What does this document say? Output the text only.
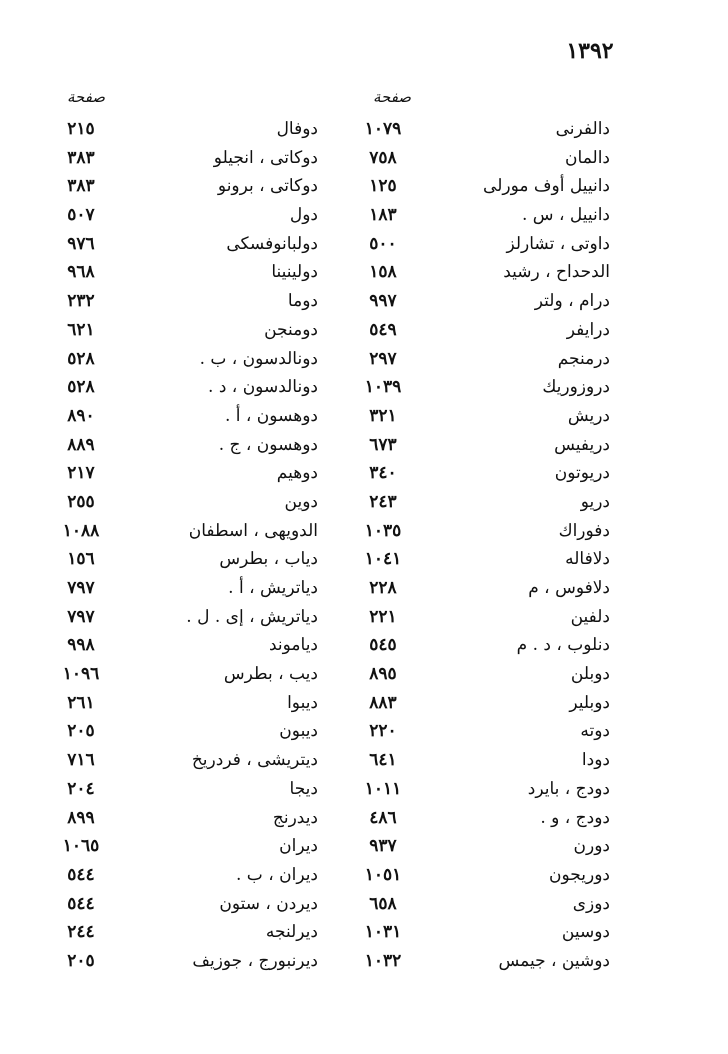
١٣٩٢
صفحة
صفحة
دالفرنى
١٠٧٩
دوفال
٢١٥
دالمان
٧٥٨
دوكاتى ، انجيلو
٣٨٣
دانييل أوف مورلى
١٢٥
دوكاتى ، برونو
٣٨٣
دانييل ، س .
١٨٣
دول
٥٠٧
داوتى ، تشارلز
٥٠٠
دولبانوفسكى
٩٧٦
الدحداح ، رشيد
١٥٨
دولينينا
٩٦٨
درام ، ولتر
٩٩٧
دوما
٢٣٢
درايفر
٥٤٩
دومنجن
٦٢١
درمنجم
٢٩٧
دونالدسون ، ب .
٥٢٨
دروزوريك
١٠٣٩
دونالدسون ، د .
٥٢٨
دريش
٣٢١
دوهسون ، أ .
٨٩٠
دريفيس
٦٧٣
دوهسون ، ج .
٨٨٩
دريوتون
٣٤٠
دوهيم
٢١٧
دريو
٢٤٣
دوين
٢٥٥
دفوراك
١٠٣٥
الدويهى ، اسطفان
١٠٨٨
دلافاله
١٠٤١
دياب ، بطرس
١٥٦
دلافوس ، م
٢٢٨
دياتريش ، أ .
٧٩٧
دلفين
٢٢١
دياتريش ، إى . ل .
٧٩٧
دنلوب ، د . م
٥٤٥
دياموند
٩٩٨
دوبلن
٨٩٥
ديب ، بطرس
١٠٩٦
دوبلير
٨٨٣
ديبوا
٢٦١
دوته
٢٢٠
ديبون
٢٠٥
دودا
٦٤١
ديتريشى ، فردريخ
٧١٦
دودج ، بايرد
١٠١١
ديجا
٢٠٤
دودج ، و .
٤٨٦
ديدرنج
٨٩٩
دورن
٩٣٧
ديران
١٠٦٥
دوريجون
١٠٥١
ديران ، ب .
٥٤٤
دوزى
٦٥٨
ديردن ، ستون
٥٤٤
دوسين
١٠٣١
ديرلنجه
٢٤٤
دوشين ، جيمس
١٠٣٢
ديرنبورج ، جوزيف
٢٠٥
